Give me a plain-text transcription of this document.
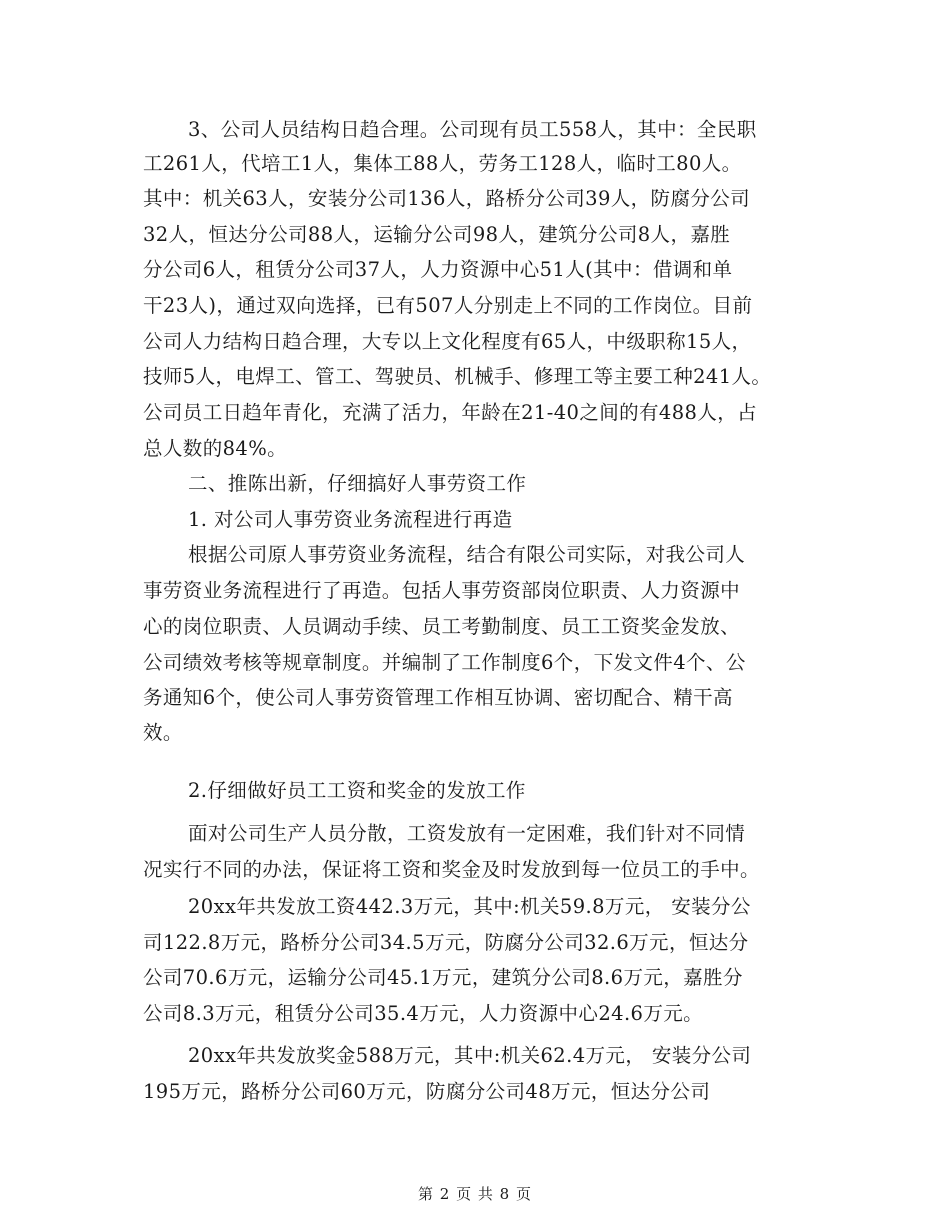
3、公司人员结构日趋合理。公司现有员工558人，其中：全民职
工261人，代培工1人，集体工88人，劳务工128人，临时工80人。
其中：机关63人，安装分公司136人，路桥分公司39人，防腐分公司
32人，恒达分公司88人，运输分公司98人，建筑分公司8人，嘉胜
分公司6人，租赁分公司37人，人力资源中心51人(其中：借调和单
干23人)，通过双向选择，已有507人分别走上不同的工作岗位。目前
公司人力结构日趋合理，大专以上文化程度有65人，中级职称15人，
技师5人，电焊工、管工、驾驶员、机械手、修理工等主要工种241人。
公司员工日趋年青化，充满了活力，年龄在21-40之间的有488人，占
总人数的84%。
二、推陈出新，仔细搞好人事劳资工作
1. 对公司人事劳资业务流程进行再造
根据公司原人事劳资业务流程，结合有限公司实际，对我公司人
事劳资业务流程进行了再造。包括人事劳资部岗位职责、人力资源中
心的岗位职责、人员调动手续、员工考勤制度、员工工资奖金发放、
公司绩效考核等规章制度。并编制了工作制度6个，下发文件4个、公
务通知6个，使公司人事劳资管理工作相互协调、密切配合、精干高
效。
2.仔细做好员工工资和奖金的发放工作
面对公司生产人员分散，工资发放有一定困难，我们针对不同情
况实行不同的办法，保证将工资和奖金及时发放到每一位员工的手中。
20xx年共发放工资442.3万元，其中:机关59.8万元， 安装分公
司122.8万元，路桥分公司34.5万元，防腐分公司32.6万元，恒达分
公司70.6万元，运输分公司45.1万元，建筑分公司8.6万元，嘉胜分
公司8.3万元，租赁分公司35.4万元，人力资源中心24.6万元。
20xx年共发放奖金588万元，其中:机关62.4万元， 安装分公司
195万元，路桥分公司60万元，防腐分公司48万元，恒达分公司
第 2 页 共 8 页
